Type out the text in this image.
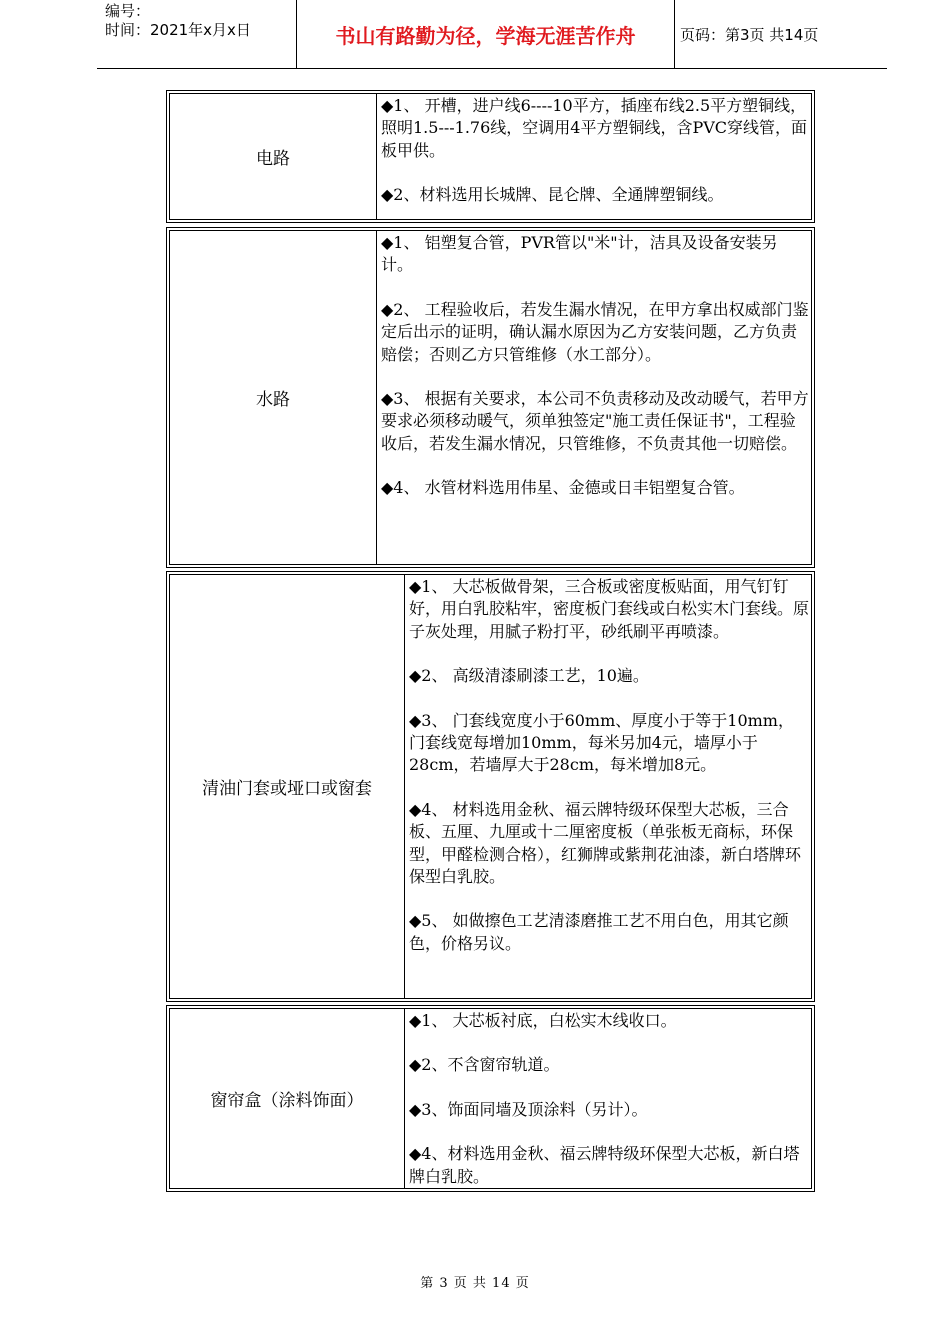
编号：
时间：2021年x月x日	书山有路勤为径，学海无涯苦作舟	页码：第3页 共14页
电路
◆1、 开槽，进户线6----10平方，插座布线2.5平方塑铜线，照明1.5---1.76线，空调用4平方塑铜线，含PVC穿线管，面板甲供。
◆2、材料选用长城牌、昆仑牌、全通牌塑铜线。
水路
◆1、 铝塑复合管，PVR管以"米"计，洁具及设备安装另计。
◆2、 工程验收后，若发生漏水情况，在甲方拿出权威部门鉴定后出示的证明，确认漏水原因为乙方安装问题，乙方负责赔偿；否则乙方只管维修（水工部分）。
◆3、 根据有关要求，本公司不负责移动及改动暖气，若甲方要求必须移动暖气，须单独签定"施工责任保证书"，工程验收后，若发生漏水情况，只管维修，不负责其他一切赔偿。
◆4、 水管材料选用伟星、金德或日丰铝塑复合管。
清油门套或垭口或窗套
◆1、 大芯板做骨架，三合板或密度板贴面，用气钉钉好，用白乳胶粘牢，密度板门套线或白松实木门套线。原子灰处理，用腻子粉打平，砂纸刷平再喷漆。
◆2、 高级清漆刷漆工艺，10遍。
◆3、 门套线宽度小于60mm、厚度小于等于10mm，门套线宽每增加10mm，每米另加4元，墙厚小于28cm，若墙厚大于28cm，每米增加8元。
◆4、 材料选用金秋、福云牌特级环保型大芯板，三合板、五厘、九厘或十二厘密度板（单张板无商标，环保型，甲醛检测合格），红狮牌或紫荆花油漆，新白塔牌环保型白乳胶。
◆5、 如做擦色工艺清漆磨推工艺不用白色，用其它颜色，价格另议。
窗帘盒（涂料饰面）
◆1、 大芯板衬底，白松实木线收口。
◆2、不含窗帘轨道。
◆3、饰面同墙及顶涂料（另计）。
◆4、材料选用金秋、福云牌特级环保型大芯板，新白塔牌白乳胶。
第 3 页 共 14 页
